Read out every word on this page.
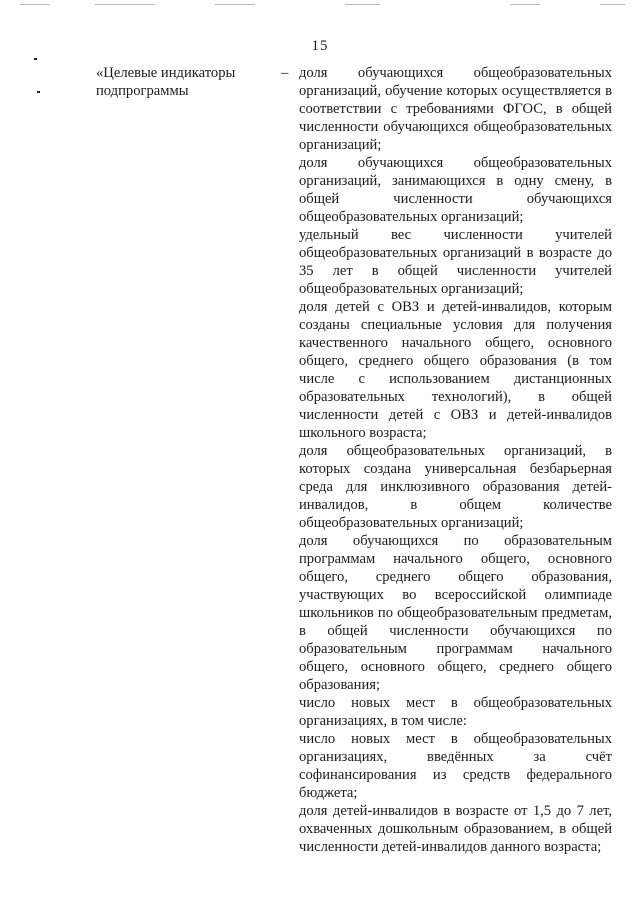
15
«Целевые индикаторы подпрограммы
– доля обучающихся общеобразовательных организаций, обучение которых осуществляется в соответствии с требованиями ФГОС, в общей численности обучающихся общеобразовательных организаций;

доля обучающихся общеобразовательных организаций, занимающихся в одну смену, в общей численности обучающихся общеобразовательных организаций;

удельный вес численности учителей общеобразовательных организаций в возрасте до 35 лет в общей численности учителей общеобразовательных организаций;

доля детей с ОВЗ и детей-инвалидов, которым созданы специальные условия для получения качественного начального общего, основного общего, среднего общего образования (в том числе с использованием дистанционных образовательных технологий), в общей численности детей с ОВЗ и детей-инвалидов школьного возраста;

доля общеобразовательных организаций, в которых создана универсальная безбарьерная среда для инклюзивного образования детей-инвалидов, в общем количестве общеобразовательных организаций;

доля обучающихся по образовательным программам начального общего, основного общего, среднего общего образования, участвующих во всероссийской олимпиаде школьников по общеобразовательным предметам, в общей численности обучающихся по образовательным программам начального общего, основного общего, среднего общего образования;

число новых мест в общеобразовательных организациях, в том числе:

число новых мест в общеобразовательных организациях, введённых за счёт софинансирования из средств федерального бюджета;

доля детей-инвалидов в возрасте от 1,5 до 7 лет, охваченных дошкольным образованием, в общей численности детей-инвалидов данного возраста;
